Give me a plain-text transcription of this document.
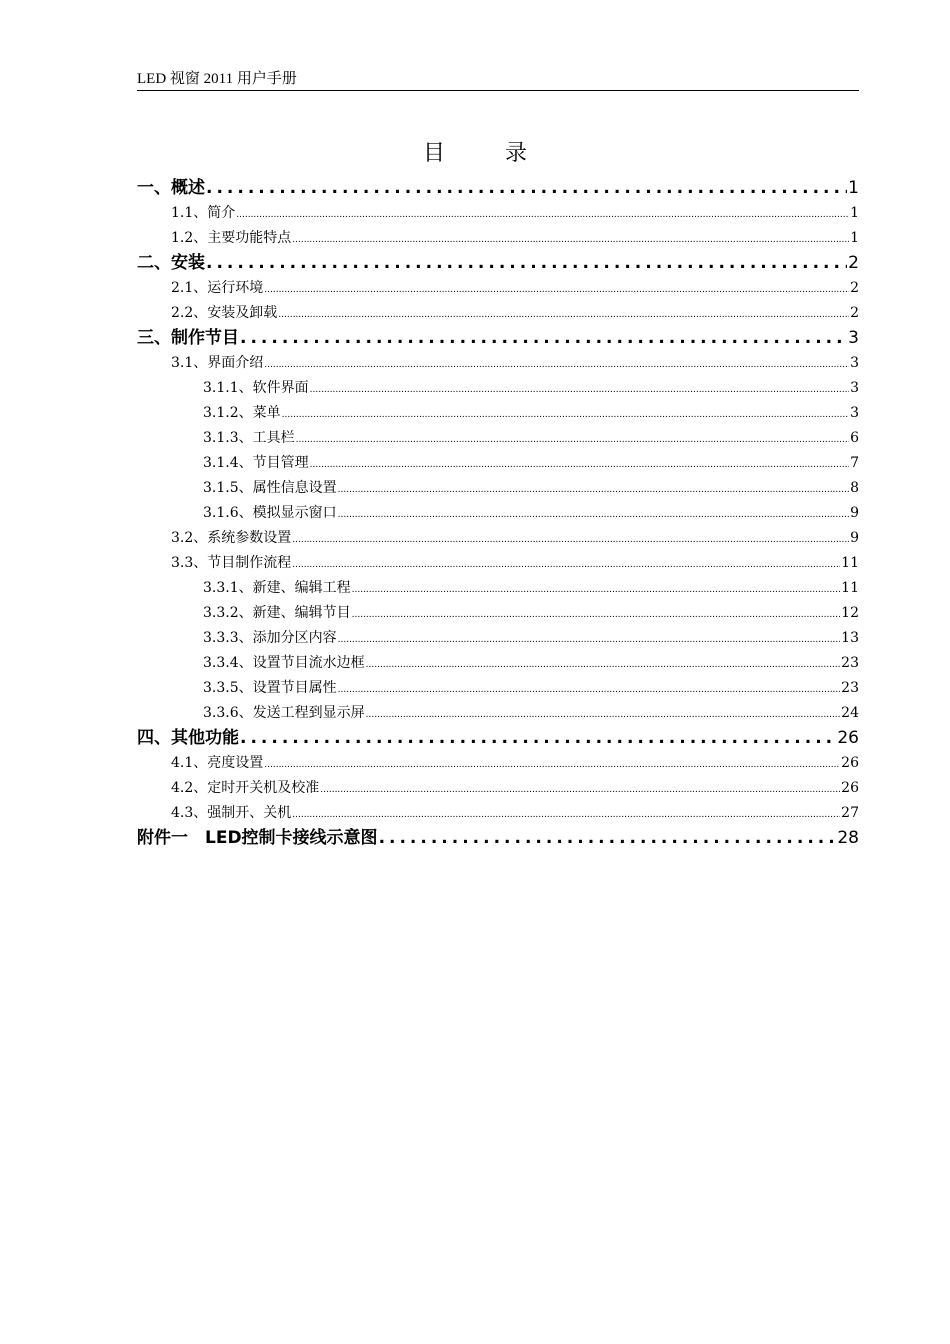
LED 视窗 2011 用户手册
目录
一、概述 .....	1
1.1、简介 .....	1
1.2、主要功能特点 .....	1
二、安装 .....	2
2.1、运行环境 .....	2
2.2、安装及卸载 .....	2
三、制作节目 .....	3
3.1、界面介绍 .....	3
3.1.1、软件界面 .....	3
3.1.2、菜单 .....	3
3.1.3、工具栏 .....	6
3.1.4、节目管理 .....	7
3.1.5、属性信息设置 .....	8
3.1.6、模拟显示窗口 .....	9
3.2、系统参数设置 .....	9
3.3、节目制作流程 .....	11
3.3.1、新建、编辑工程 .....	11
3.3.2、新建、编辑节目 .....	12
3.3.3、添加分区内容 .....	13
3.3.4、设置节目流水边框 .....	23
3.3.5、设置节目属性 .....	23
3.3.6、发送工程到显示屏 .....	24
四、其他功能 .....	26
4.1、亮度设置 .....	26
4.2、定时开关机及校准 .....	26
4.3、强制开、关机 .....	27
附件一　LED控制卡接线示意图 .....	28
